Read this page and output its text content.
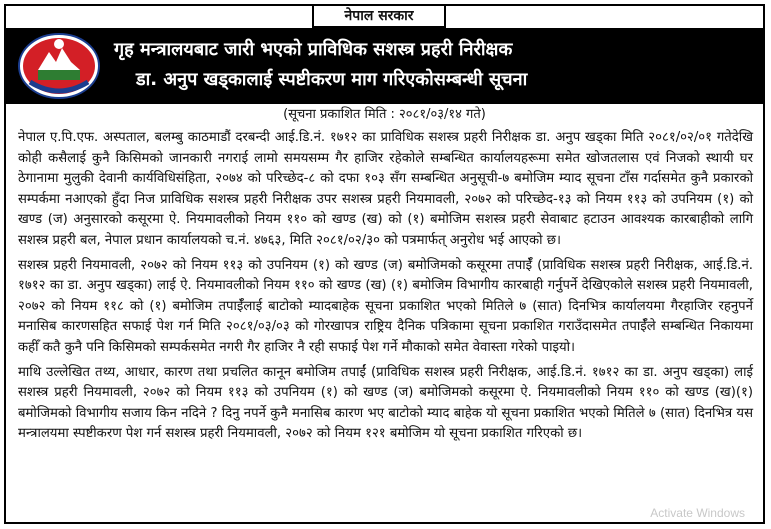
नेपाल सरकार
गृह मन्त्रालयबाट जारी भएको प्राविधिक सशस्त्र प्रहरी निरीक्षक
डा. अनुप खड्कालाई स्पष्टीकरण माग गरिएकोसम्बन्धी सूचना
(सूचना प्रकाशित मिति : २०८१/०३/१४ गते)

नेपाल ए.पि.एफ. अस्पताल, बलम्बु काठमाडौं दरबन्दी आई.डि.नं. १७१२ का प्राविधिक सशस्त्र प्रहरी निरीक्षक डा. अनुप खड्का मिति २०८१/०२/०१ गतेदेखि कोही कसैलाई कुनै किसिमको जानकारी नगराई लामो समयसम्म गैर हाजिर रहेकोले सम्बन्धित कार्यालयहरूमा समेत खोजतलास एवं निजको स्थायी घर ठेगानामा मुलुकी देवानी कार्यविधिसंहिता, २०७४ को परिच्छेद-८ को दफा १०३ सँग सम्बन्धित अनुसूची-७ बमोजिम म्याद सूचना टाँस गर्दासमेत कुनै प्रकारको सम्पर्कमा नआएको हुँदा निज प्राविधिक सशस्त्र प्रहरी निरीक्षक उपर सशस्त्र प्रहरी नियमावली, २०७२ को परिच्छेद-१३ को नियम ११३ को उपनियम (१) को खण्ड (ज) अनुसारको कसूरमा ऐ. नियमावलीको नियम ११० को खण्ड (ख) को (१) बमोजिम सशस्त्र प्रहरी सेवाबाट हटाउन आवश्यक कारबाहीको लागि सशस्त्र प्रहरी बल, नेपाल प्रधान कार्यालयको च.नं. ४७६३, मिति २०८१/०२/३० को पत्रमार्फत् अनुरोध भई आएको छ।

सशस्त्र प्रहरी नियमावली, २०७२ को नियम ११३ को उपनियम (१) को खण्ड (ज) बमोजिमको कसूरमा तपाईँ (प्राविधिक सशस्त्र प्रहरी निरीक्षक, आई.डि.नं. १७१२ का डा. अनुप खड्का) लाई ऐ. नियमावलीको नियम ११० को खण्ड (ख) (१) बमोजिम विभागीय कारबाही गर्नुपर्ने देखिएकोले सशस्त्र प्रहरी नियमावली, २०७२ को नियम ११८ को (१) बमोजिम तपाईँलाई बाटोको म्यादबाहेक सूचना प्रकाशित भएको मितिले ७ (सात) दिनभित्र कार्यालयमा गैरहाजिर रहनुपर्ने मनासिब कारणसहित सफाई पेश गर्न मिति २०८१/०३/०३ को गोरखापत्र राष्ट्रिय दैनिक पत्रिकामा सूचना प्रकाशित गराउँदासमेत तपाईँले सम्बन्धित निकायमा कहीँ कतै कुनै पनि किसिमको सम्पर्कसमेत नगरी गैर हाजिर नै रही सफाई पेश गर्ने मौकाको समेत वेवास्ता गरेको पाइयो।

माथि उल्लेखित तथ्य, आधार, कारण तथा प्रचलित कानून बमोजिम तपाईं (प्राविधिक सशस्त्र प्रहरी निरीक्षक, आई.डि.नं. १७१२ का डा. अनुप खड्का) लाई सशस्त्र प्रहरी नियमावली, २०७२ को नियम ११३ को उपनियम (१) को खण्ड (ज) बमोजिमको कसूरमा ऐ. नियमावलीको नियम ११० को खण्ड (ख)(१) बमोजिमको विभागीय सजाय किन नदिने ? दिनु नपर्ने कुनै मनासिब कारण भए बाटोको म्याद बाहेक यो सूचना प्रकाशित भएको मितिले ७ (सात) दिनभित्र यस मन्त्रालयमा स्पष्टीकरण पेश गर्न सशस्त्र प्रहरी नियमावली, २०७२ को नियम १२१ बमोजिम यो सूचना प्रकाशित गरिएको छ।

Activate Windows
